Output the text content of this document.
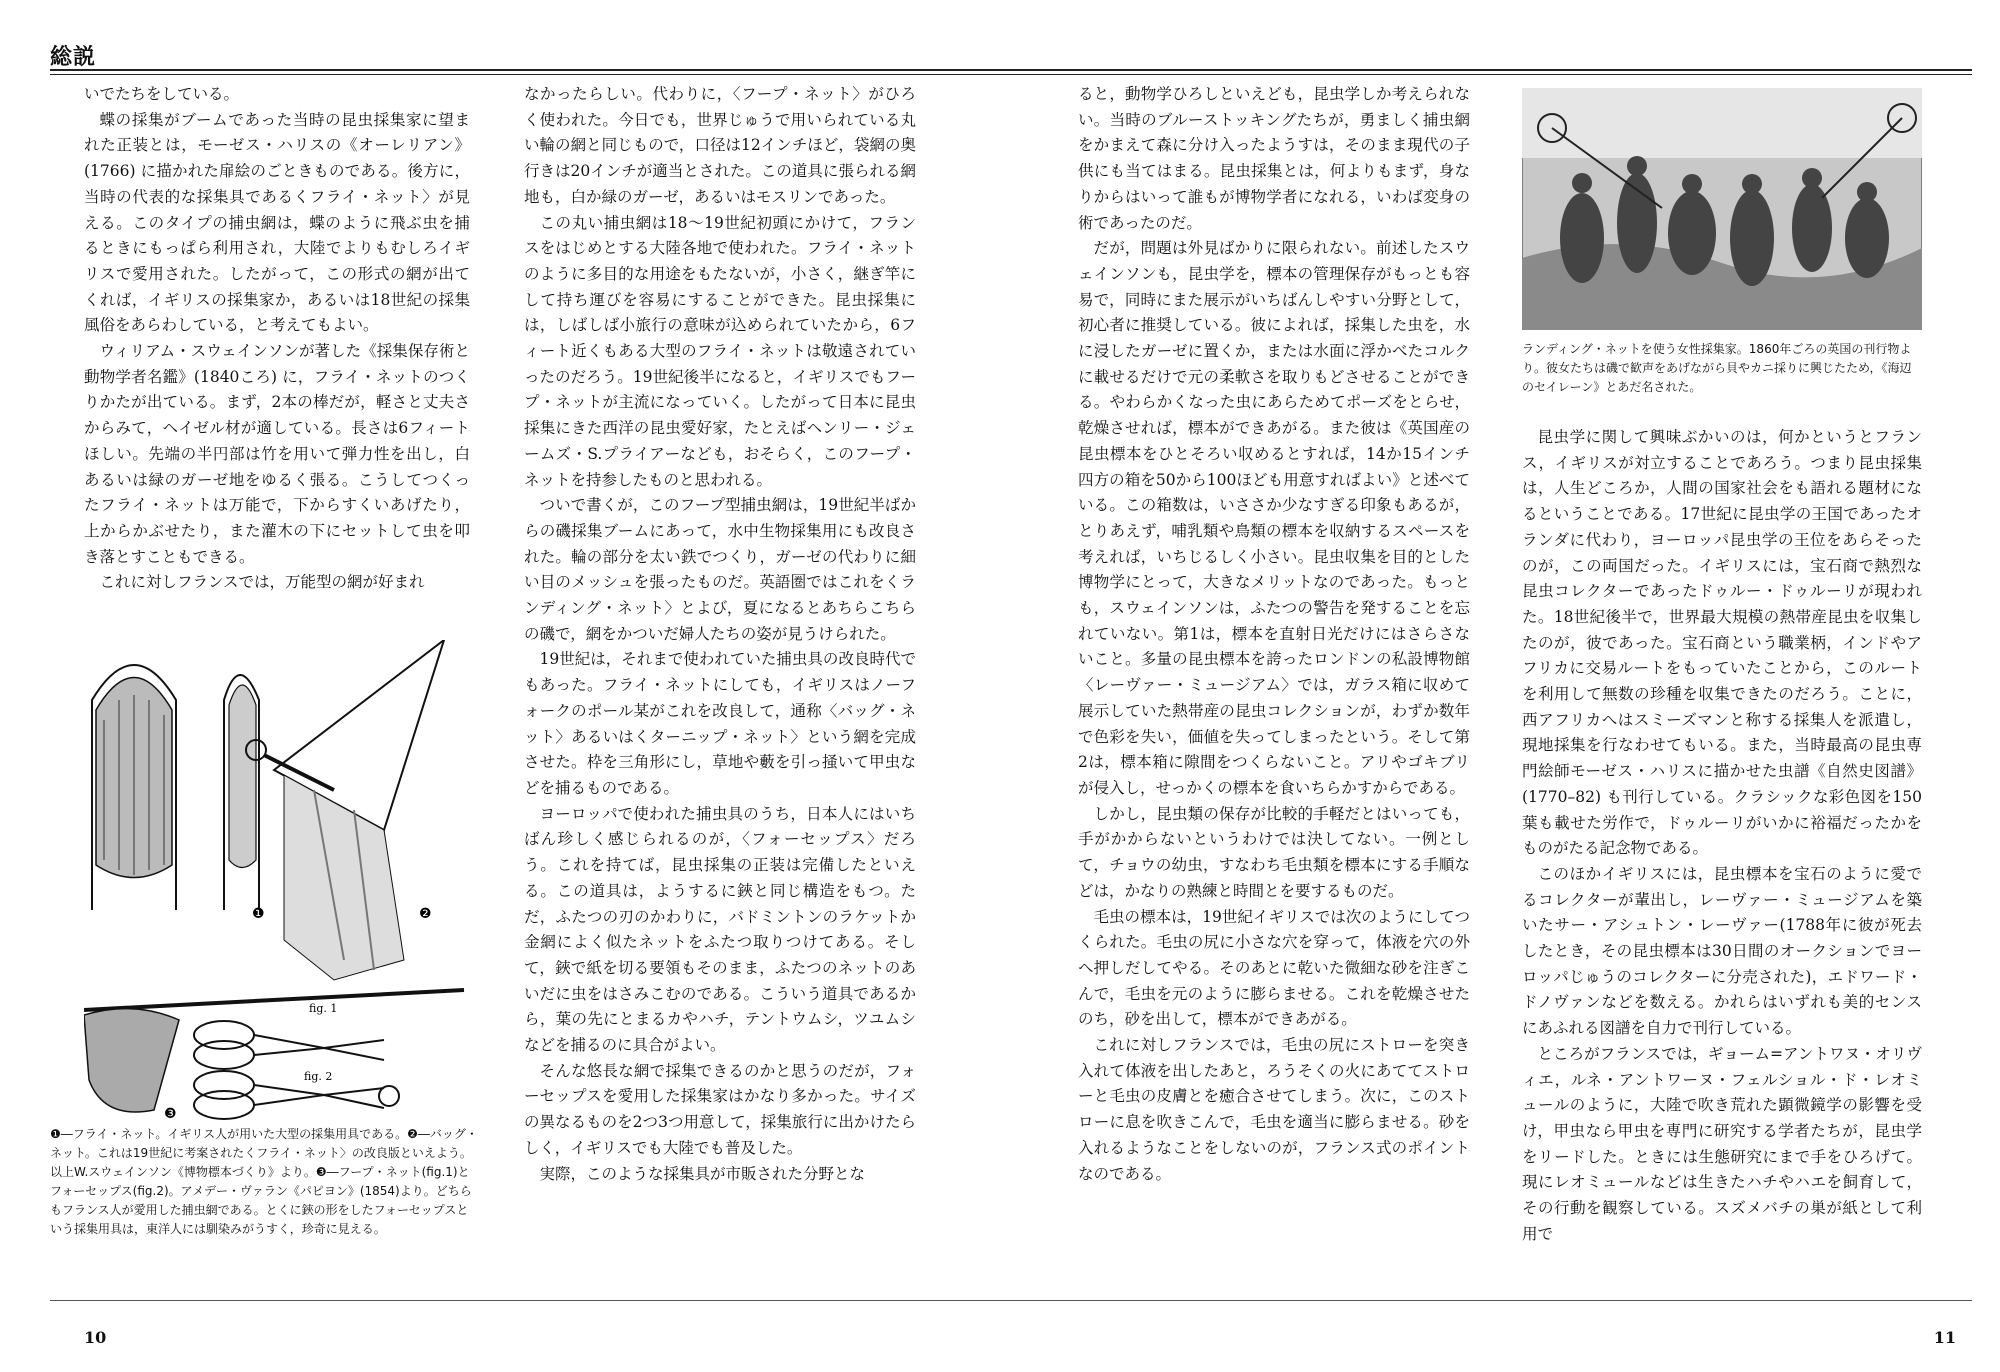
総説

いでたちをしている。

蝶の採集がブームであった当時の昆虫採集家に望まれた正装とは，モーゼス・ハリスの《オーレリアン》(1766) に描かれた扉絵のごときものである。後方に，当時の代表的な採集具であるくフライ・ネット〉が見える。このタイプの捕虫網は，蝶のように飛ぶ虫を捕るときにもっぱら利用され，大陸でよりもむしろイギリスで愛用された。したがって，この形式の網が出てくれば，イギリスの採集家か，あるいは18世紀の採集風俗をあらわしている，と考えてもよい。

ウィリアム・スウェインソンが著した《採集保存術と動物学者名鑑》(1840ころ) に，フライ・ネットのつくりかたが出ている。まず，2本の棒だが，軽さと丈夫さからみて，ヘイゼル材が適している。長さは6フィートほしい。先端の半円部は竹を用いて弾力性を出し，白あるいは緑のガーゼ地をゆるく張る。こうしてつくったフライ・ネットは万能で，下からすくいあげたり，上からかぶせたり，また灌木の下にセットして虫を叩き落とすこともできる。

これに対しフランスでは，万能型の網が好まれ

❶	❷
❸
fig. 1
fig. 2
❶―フライ・ネット。イギリス人が用いた大型の採集用具である。❷―バッグ・ネット。これは19世紀に考案されたくフライ・ネット〉の改良版といえよう。以上W.スウェインソン《博物標本づくり》より。❸―フープ・ネット(fig.1)とフォーセップス(fig.2)。アメデー・ヴァラン《パピヨン》(1854)より。どちらもフランス人が愛用した捕虫網である。とくに鋏の形をしたフォーセップスという採集用具は，東洋人には馴染みがうすく，珍奇に見える。

なかったらしい。代わりに，〈フープ・ネット〉がひろく使われた。今日でも，世界じゅうで用いられている丸い輪の網と同じもので，口径は12インチほど，袋網の奥行きは20インチが適当とされた。この道具に張られる網地も，白か緑のガーゼ，あるいはモスリンであった。

この丸い捕虫網は18～19世紀初頭にかけて，フランスをはじめとする大陸各地で使われた。フライ・ネットのように多目的な用途をもたないが，小さく，継ぎ竿にして持ち運びを容易にすることができた。昆虫採集には，しばしば小旅行の意味が込められていたから，6フィート近くもある大型のフライ・ネットは敬遠されていったのだろう。19世紀後半になると，イギリスでもフープ・ネットが主流になっていく。したがって日本に昆虫採集にきた西洋の昆虫愛好家，たとえばヘンリー・ジェームズ・S.プライアーなども，おそらく，このフープ・ネットを持参したものと思われる。

ついで書くが，このフープ型捕虫網は，19世紀半ばからの磯採集ブームにあって，水中生物採集用にも改良された。輪の部分を太い鉄でつくり，ガーゼの代わりに細い目のメッシュを張ったものだ。英語圏ではこれをくランディング・ネット〉とよび，夏になるとあちらこちらの磯で，網をかついだ婦人たちの姿が見うけられた。

19世紀は，それまで使われていた捕虫具の改良時代でもあった。フライ・ネットにしても，イギリスはノーフォークのポール某がこれを改良して，通称〈バッグ・ネット〉あるいはくターニップ・ネット〉という網を完成させた。枠を三角形にし，草地や藪を引っ掻いて甲虫などを捕るものである。

ヨーロッパで使われた捕虫具のうち，日本人にはいちばん珍しく感じられるのが，〈フォーセップス〉だろう。これを持てば，昆虫採集の正装は完備したといえる。この道具は，ようするに鋏と同じ構造をもつ。ただ，ふたつの刃のかわりに，バドミントンのラケットか金網によく似たネットをふたつ取りつけてある。そして，鋏で紙を切る要領もそのまま，ふたつのネットのあいだに虫をはさみこむのである。こういう道具であるから，葉の先にとまるカやハチ，テントウムシ，ツユムシなどを捕るのに具合がよい。

そんな悠長な網で採集できるのかと思うのだが，フォーセップスを愛用した採集家はかなり多かった。サイズの異なるものを2つ3つ用意して，採集旅行に出かけたらしく，イギリスでも大陸でも普及した。

実際，このような採集具が市販された分野とな

ると，動物学ひろしといえども，昆虫学しか考えられない。当時のブルーストッキングたちが，勇ましく捕虫網をかまえて森に分け入ったようすは，そのまま現代の子供にも当てはまる。昆虫採集とは，何よりもまず，身なりからはいって誰もが博物学者になれる，いわば変身の術であったのだ。

だが，問題は外見ばかりに限られない。前述したスウェインソンも，昆虫学を，標本の管理保存がもっとも容易で，同時にまた展示がいちばんしやすい分野として，初心者に推奨している。彼によれば，採集した虫を，水に浸したガーゼに置くか，または水面に浮かべたコルクに載せるだけで元の柔軟さを取りもどさせることができる。やわらかくなった虫にあらためてポーズをとらせ，乾燥させれば，標本ができあがる。また彼は《英国産の昆虫標本をひとそろい収めるとすれば，14か15インチ四方の箱を50から100ほども用意すればよい》と述べている。この箱数は，いささか少なすぎる印象もあるが，とりあえず，哺乳類や鳥類の標本を収納するスペースを考えれば，いちじるしく小さい。昆虫収集を目的とした博物学にとって，大きなメリットなのであった。もっとも，スウェインソンは，ふたつの警告を発することを忘れていない。第1は，標本を直射日光だけにはさらさないこと。多量の昆虫標本を誇ったロンドンの私設博物館〈レーヴァー・ミュージアム〉では，ガラス箱に収めて展示していた熱帯産の昆虫コレクションが，わずか数年で色彩を失い，価値を失ってしまったという。そして第2は，標本箱に隙間をつくらないこと。アリやゴキブリが侵入し，せっかくの標本を食いちらかすからである。

しかし，昆虫類の保存が比較的手軽だとはいっても，手がかからないというわけでは決してない。一例として，チョウの幼虫，すなわち毛虫類を標本にする手順などは，かなりの熟練と時間とを要するものだ。

毛虫の標本は，19世紀イギリスでは次のようにしてつくられた。毛虫の尻に小さな穴を穿って，体液を穴の外へ押しだしてやる。そのあとに乾いた微細な砂を注ぎこんで，毛虫を元のように膨らませる。これを乾燥させたのち，砂を出して，標本ができあがる。

これに対しフランスでは，毛虫の尻にストローを突き入れて体液を出したあと，ろうそくの火にあててストローと毛虫の皮膚とを癒合させてしまう。次に，このストローに息を吹きこんで，毛虫を適当に膨らませる。砂を入れるようなことをしないのが，フランス式のポイントなのである。

ランディング・ネットを使う女性採集家。1860年ごろの英国の刊行物より。彼女たちは磯で歓声をあげながら貝やカニ採りに興じたため，《海辺のセイレーン》とあだ名された。

昆虫学に関して興味ぶかいのは，何かというとフランス，イギリスが対立することであろう。つまり昆虫採集は，人生どころか，人間の国家社会をも語れる題材になるということである。17世紀に昆虫学の王国であったオランダに代わり，ヨーロッパ昆虫学の王位をあらそったのが，この両国だった。イギリスには，宝石商で熱烈な昆虫コレクターであったドゥルー・ドゥルーリが現われた。18世紀後半で，世界最大規模の熱帯産昆虫を収集したのが，彼であった。宝石商という職業柄，インドやアフリカに交易ルートをもっていたことから，このルートを利用して無数の珍種を収集できたのだろう。ことに，西アフリカへはスミーズマンと称する採集人を派遣し，現地採集を行なわせてもいる。また，当時最高の昆虫専門絵師モーゼス・ハリスに描かせた虫譜《自然史図譜》(1770–82) も刊行している。クラシックな彩色図を150葉も載せた労作で，ドゥルーリがいかに裕福だったかをものがたる記念物である。

このほかイギリスには，昆虫標本を宝石のように愛でるコレクターが輩出し，レーヴァー・ミュージアムを築いたサー・アシュトン・レーヴァー(1788年に彼が死去したとき，その昆虫標本は30日間のオークションでヨーロッパじゅうのコレクターに分売された)，エドワード・ドノヴァンなどを数える。かれらはいずれも美的センスにあふれる図譜を自力で刊行している。

ところがフランスでは，ギョーム=アントワヌ・オリヴィエ，ルネ・アントワーヌ・フェルショル・ド・レオミュールのように，大陸で吹き荒れた顕微鏡学の影響を受け，甲虫なら甲虫を専門に研究する学者たちが，昆虫学をリードした。ときには生態研究にまで手をひろげて。現にレオミュールなどは生きたハチやハエを飼育して，その行動を観察している。スズメバチの巣が紙として利用で

10	11
